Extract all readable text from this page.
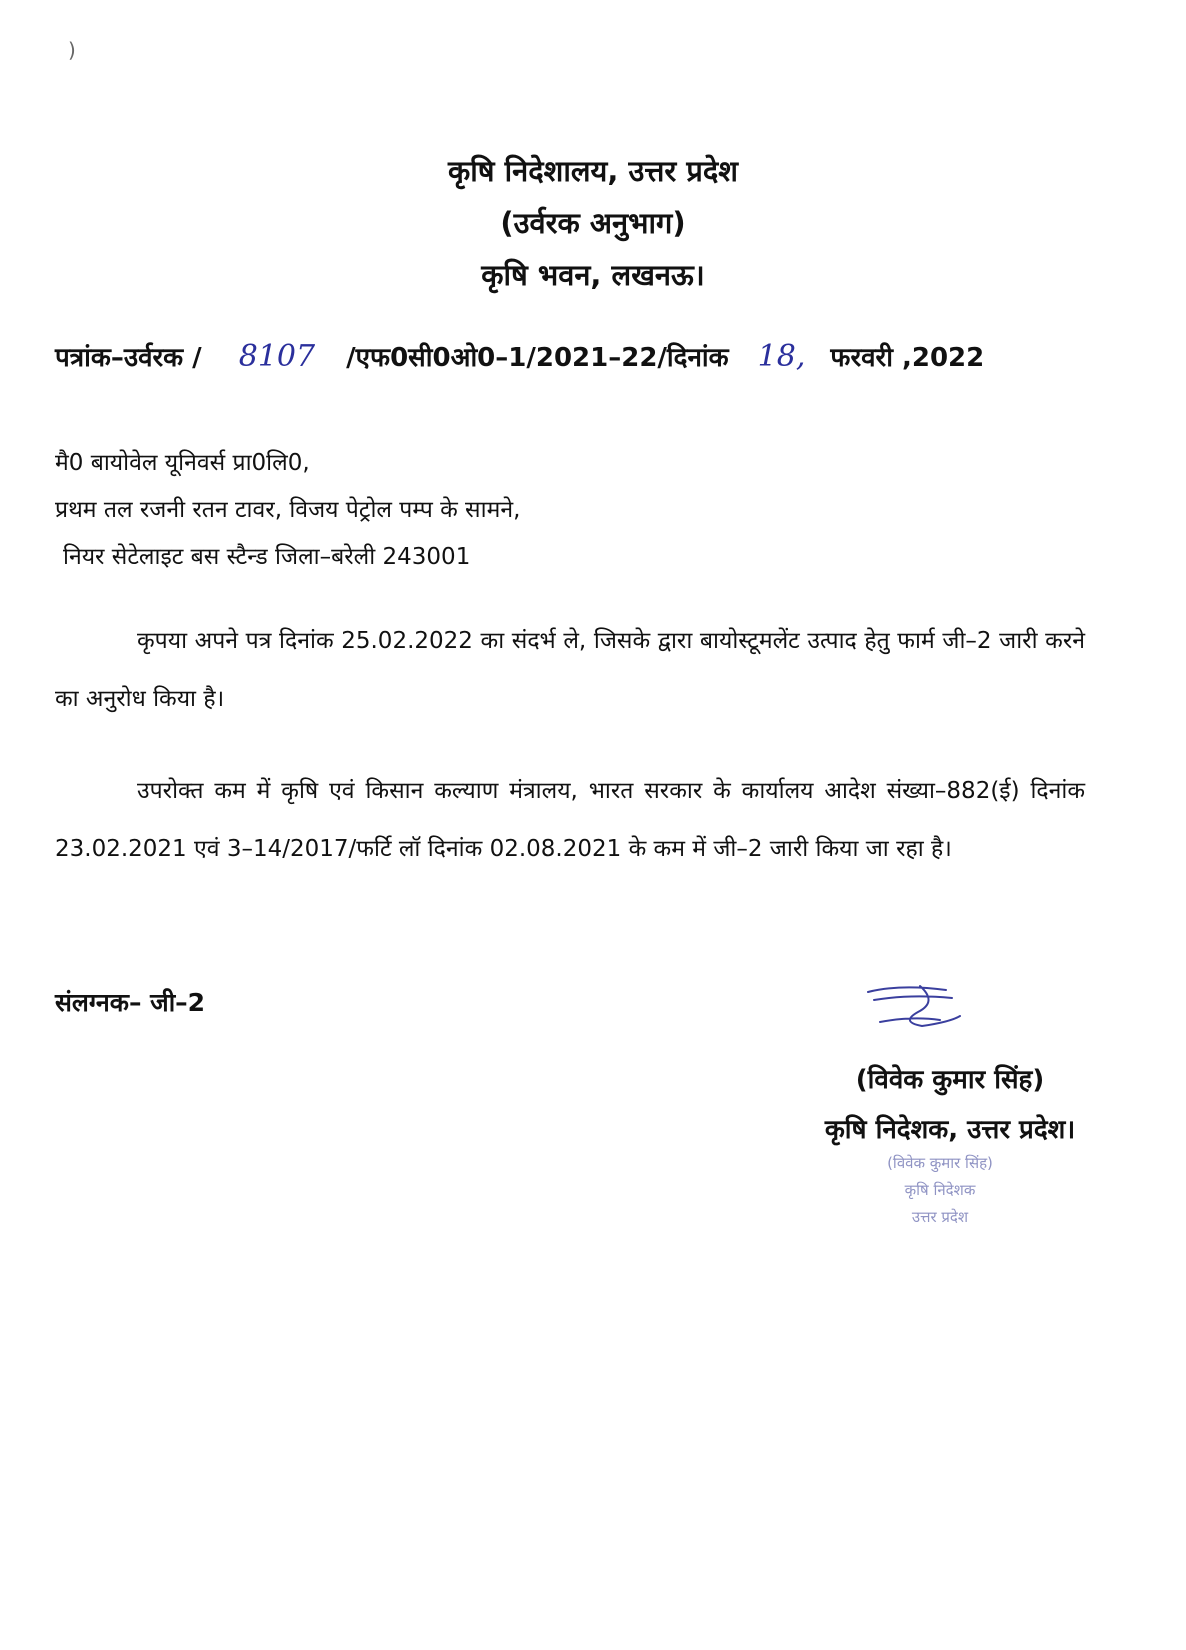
)
कृषि निदेशालय, उत्तर प्रदेश
(उर्वरक अनुभाग)
कृषि भवन, लखनऊ।
पत्रांक–उर्वरक / 8107 /एफ0सी0ओ0–1/2021–22/दिनांक 18, फरवरी ,2022
मै0 बायोवेल यूनिवर्स प्रा0लि0,
प्रथम तल रजनी रतन टावर, विजय पेट्रोल पम्प के सामने,
नियर सेटेलाइट बस स्टैन्ड जिला–बरेली 243001
कृपया अपने पत्र दिनांक 25.02.2022 का संदर्भ ले, जिसके द्वारा बायोस्टूमलेंट उत्पाद हेतु फार्म जी–2 जारी करने का अनुरोध किया है।
उपरोक्त कम में कृषि एवं किसान कल्याण मंत्रालय, भारत सरकार के कार्यालय आदेश संख्या–882(ई) दिनांक 23.02.2021 एवं 3–14/2017/फर्टि लॉ दिनांक 02.08.2021 के कम में जी–2 जारी किया जा रहा है।
संलग्नक– जी–2
(विवेक कुमार सिंह)
कृषि निदेशक, उत्तर प्रदेश।
(विवेक कुमार सिंह)
कृषि निदेशक
उत्तर प्रदेश
